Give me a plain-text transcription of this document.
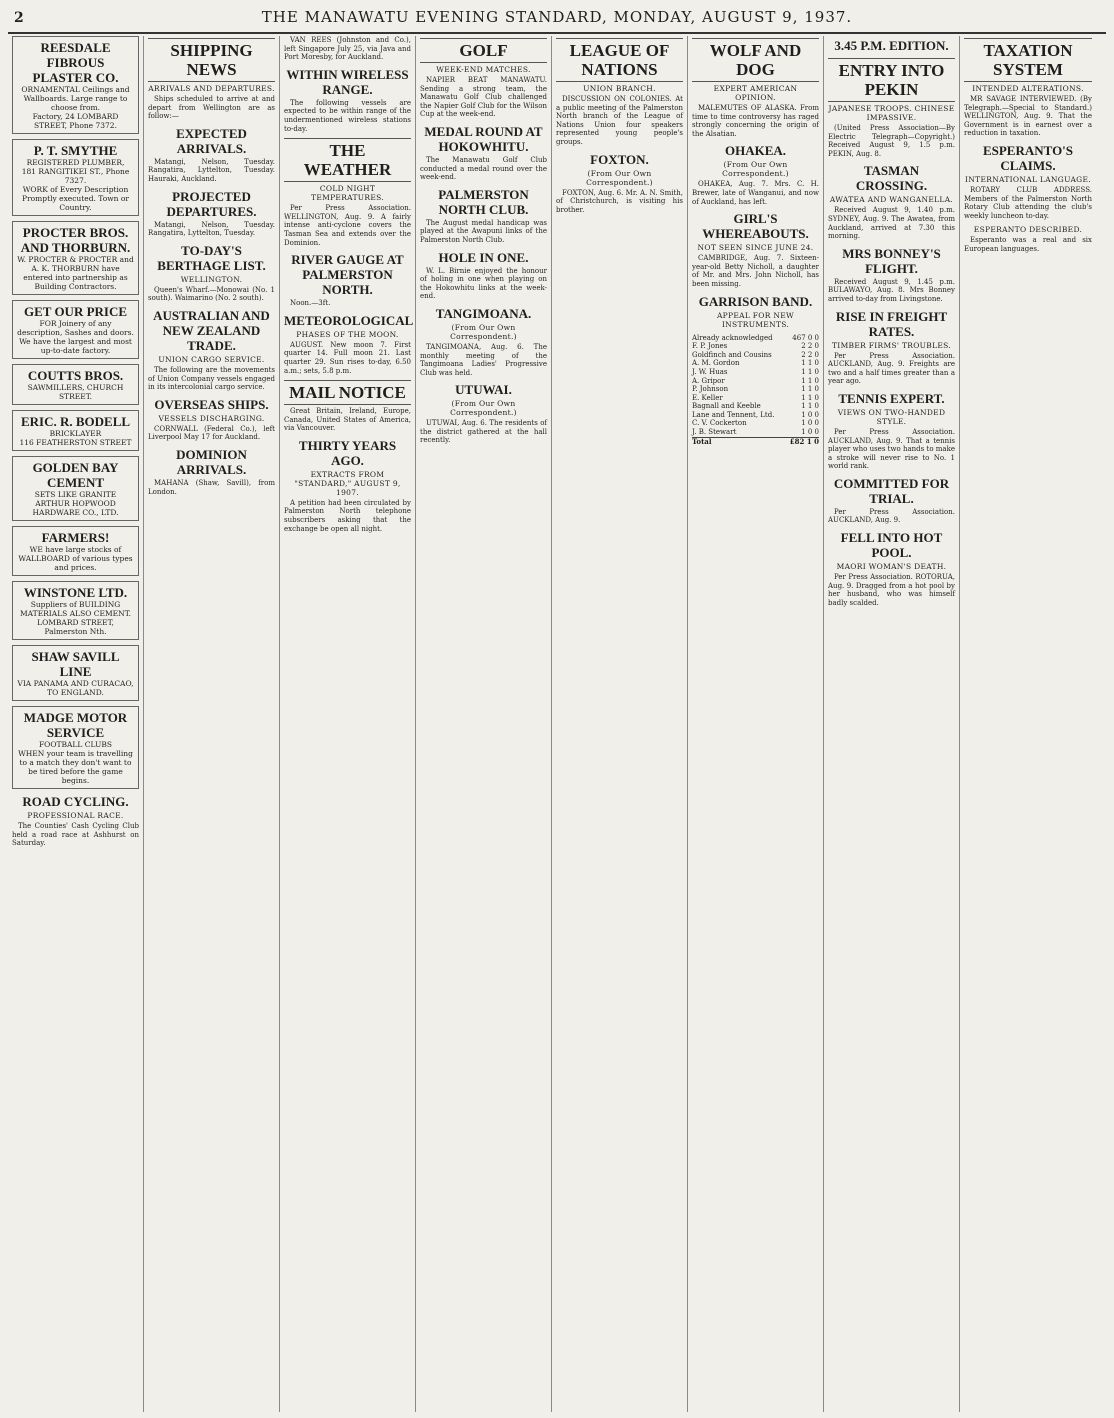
2	THE MANAWATU EVENING STANDARD, MONDAY, AUGUST 9, 1937.
REESDALE FIBROUS PLASTER CO.
ORNAMENTAL Ceilings and Wallboards. Large range to choose from.
Factory, 24 LOMBARD STREET, Phone 7372.
P. T. SMYTHE
REGISTERED PLUMBER,
181 RANGITIKEI ST., Phone 7327.
WORK of Every Description Promptly executed. Town or Country.
PROCTER BROS. AND THORBURN.
W. PROCTER & PROCTER and A. K. THORBURN have entered into partnership as Building Contractors.
GET OUR PRICE
FOR Joinery of any description, Sashes and doors. We have the largest and most up-to-date factory.
COUTTS BROS.
SAWMILLERS, CHURCH STREET.
ERIC. R. BODELL
BRICKLAYER
116 FEATHERSTON STREET
GOLDEN BAY CEMENT
SETS LIKE GRANITE
ARTHUR HOPWOOD HARDWARE CO., LTD.
FARMERS!
WE have large stocks of WALLBOARD of various types and prices.
WINSTONE LTD.
Suppliers of BUILDING MATERIALS ALSO CEMENT.
LOMBARD STREET, Palmerston Nth.
SHAW SAVILL LINE
VIA PANAMA AND CURACAO, TO ENGLAND.
MADGE MOTOR SERVICE
FOOTBALL CLUBS
WHEN your team is travelling to a match they don't want to be tired before the game begins.
ROAD CYCLING.
PROFESSIONAL RACE.

The Counties' Cash Cycling Club held a road race at Ashhurst on Saturday.

SHIPPING NEWS
ARRIVALS AND DEPARTURES.

Ships scheduled to arrive at and depart from Wellington are as follow:—

EXPECTED ARRIVALS.

Matangi, Nelson, Tuesday. Rangatira, Lyttelton, Tuesday. Hauraki, Auckland.

PROJECTED DEPARTURES.

Matangi, Nelson, Tuesday. Rangatira, Lyttelton, Tuesday.

TO-DAY'S BERTHAGE LIST.
WELLINGTON.

Queen's Wharf.—Monowai (No. 1 south). Waimarino (No. 2 south).

AUSTRALIAN AND NEW ZEALAND TRADE.
UNION CARGO SERVICE.

The following are the movements of Union Company vessels engaged in its intercolonial cargo service.

OVERSEAS SHIPS.
VESSELS DISCHARGING.

CORNWALL (Federal Co.), left Liverpool May 17 for Auckland.

DOMINION ARRIVALS.

MAHANA (Shaw, Savill), from London.

VAN REES (Johnston and Co.), left Singapore July 25, via Java and Port Moresby, for Auckland.

WITHIN WIRELESS RANGE.

The following vessels are expected to be within range of the undermentioned wireless stations to-day.

THE WEATHER
COLD NIGHT TEMPERATURES.

Per Press Association. WELLINGTON, Aug. 9. A fairly intense anti-cyclone covers the Tasman Sea and extends over the Dominion.

RIVER GAUGE AT PALMERSTON NORTH.

Noon.—3ft.

METEOROLOGICAL
PHASES OF THE MOON.

AUGUST. New moon 7. First quarter 14. Full moon 21. Last quarter 29. Sun rises to-day, 6.50 a.m.; sets, 5.8 p.m.

MAIL NOTICE

Great Britain, Ireland, Europe, Canada, United States of America, via Vancouver.

THIRTY YEARS AGO.
EXTRACTS FROM "STANDARD," AUGUST 9, 1907.

A petition had been circulated by Palmerston North telephone subscribers asking that the exchange be open all night.

GOLF
WEEK-END MATCHES.

NAPIER BEAT MANAWATU. Sending a strong team, the Manawatu Golf Club challenged the Napier Golf Club for the Wilson Cup at the week-end.

MEDAL ROUND AT HOKOWHITU.

The Manawatu Golf Club conducted a medal round over the week-end.

PALMERSTON NORTH CLUB.

The August medal handicap was played at the Awapuni links of the Palmerston North Club.

HOLE IN ONE.

W. L. Birnie enjoyed the honour of holing in one when playing on the Hokowhitu links at the week-end.

TANGIMOANA.
(From Our Own Correspondent.)

TANGIMOANA, Aug. 6. The monthly meeting of the Tangimoana Ladies' Progressive Club was held.

UTUWAI.
(From Our Own Correspondent.)

UTUWAI, Aug. 6. The residents of the district gathered at the hall recently.

LEAGUE OF NATIONS
UNION BRANCH.

DISCUSSION ON COLONIES. At a public meeting of the Palmerston North branch of the League of Nations Union four speakers represented young people's groups.

FOXTON.
(From Our Own Correspondent.)

FOXTON, Aug. 6. Mr. A. N. Smith, of Christchurch, is visiting his brother.

WOLF AND DOG
EXPERT AMERICAN OPINION.

MALEMUTES OF ALASKA. From time to time controversy has raged strongly concerning the origin of the Alsatian.

OHAKEA.
(From Our Own Correspondent.)

OHAKEA, Aug. 7. Mrs. C. H. Brewer, late of Wanganui, and now of Auckland, has left.

GIRL'S WHEREABOUTS.
NOT SEEN SINCE JUNE 24.

CAMBRIDGE, Aug. 7. Sixteen-year-old Betty Nicholl, a daughter of Mr. and Mrs. John Nicholl, has been missing.

GARRISON BAND.
APPEAL FOR NEW INSTRUMENTS.
Already acknowledged	467 0 0
F. P. Jones	2 2 0
Goldfinch and Cousins	2 2 0
A. M. Gordon	1 1 0
J. W. Huas	1 1 0
A. Gripor	1 1 0
P. Johnson	1 1 0
E. Keller	1 1 0
Bagnall and Keeble	1 1 0
Lane and Tennent, Ltd.	1 0 0
C. V. Cockerton	1 0 0
J. B. Stewart	1 0 0
Total	£82 1 0
3.45 P.M. EDITION.
ENTRY INTO PEKIN
JAPANESE TROOPS. CHINESE IMPASSIVE.

(United Press Association—By Electric Telegraph—Copyright.) Received August 9, 1.5 p.m. PEKIN, Aug. 8.

TASMAN CROSSING.
AWATEA AND WANGANELLA.

Received August 9, 1.40 p.m. SYDNEY, Aug. 9. The Awatea, from Auckland, arrived at 7.30 this morning.

MRS BONNEY'S FLIGHT.

Received August 9, 1.45 p.m. BULAWAYO, Aug. 8. Mrs Bonney arrived to-day from Livingstone.

RISE IN FREIGHT RATES.
TIMBER FIRMS' TROUBLES.

Per Press Association. AUCKLAND, Aug. 9. Freights are two and a half times greater than a year ago.

TENNIS EXPERT.
VIEWS ON TWO-HANDED STYLE.

Per Press Association. AUCKLAND, Aug. 9. That a tennis player who uses two hands to make a stroke will never rise to No. 1 world rank.

COMMITTED FOR TRIAL.

Per Press Association. AUCKLAND, Aug. 9.

FELL INTO HOT POOL.
MAORI WOMAN'S DEATH.

Per Press Association. ROTORUA, Aug. 9. Dragged from a hot pool by her husband, who was himself badly scalded.

TAXATION SYSTEM
INTENDED ALTERATIONS.

MR SAVAGE INTERVIEWED. (By Telegraph.—Special to Standard.) WELLINGTON, Aug. 9. That the Government is in earnest over a reduction in taxation.

ESPERANTO'S CLAIMS.
INTERNATIONAL LANGUAGE.

ROTARY CLUB ADDRESS. Members of the Palmerston North Rotary Club attending the club's weekly luncheon to-day.

ESPERANTO DESCRIBED.

Esperanto was a real and six European languages.
